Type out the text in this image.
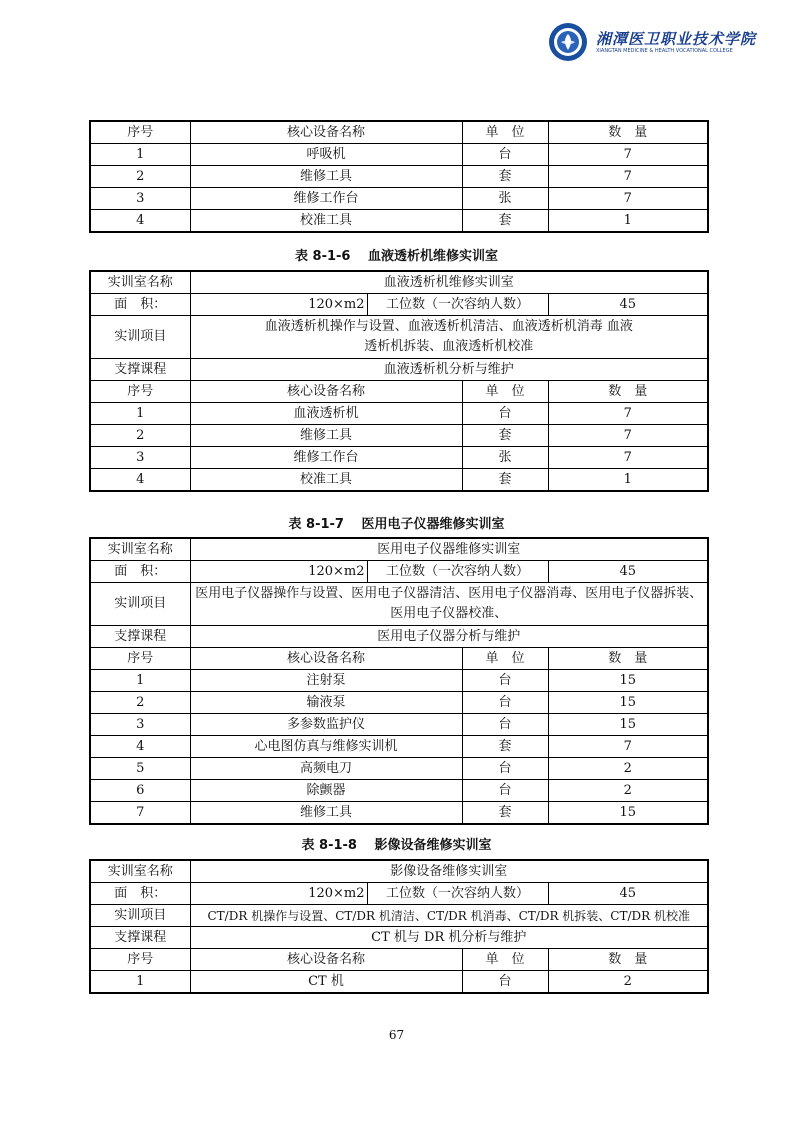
湘潭医卫职业技术学院
XIANGTAN MEDICINE & HEALTH VOCATIONAL COLLEGE
序号	核心设备名称	单　位	数　量
1	呼吸机	台	7
2	维修工具	套	7
3	维修工作台	张	7
4	校准工具	套	1
表 8-1-6　 血液透析机维修实训室
实训室名称	血液透析机维修实训室			
面　积：	120×m2	工位数（一次容纳人数）		45
实训项目	血液透析机操作与设置、血液透析机清洁、血液透析机消毒 血液透析机拆装、血液透析机校准			
支撑课程	血液透析机分析与维护			
序号	核心设备名称		单　位	数　量
1	血液透析机		台	7
2	维修工具		套	7
3	维修工作台		张	7
4	校准工具		套	1
表 8-1-7　 医用电子仪器维修实训室
实训室名称	医用电子仪器维修实训室			
面　积：	120×m2	工位数（一次容纳人数）		45
实训项目	医用电子仪器操作与设置、医用电子仪器清洁、医用电子仪器消毒、医用电子仪器拆装、医用电子仪器校准、			
支撑课程	医用电子仪器分析与维护			
序号	核心设备名称		单　位	数　量
1	注射泵		台	15
2	输液泵		台	15
3	多参数监护仪		台	15
4	心电图仿真与维修实训机		套	7
5	高频电刀		台	2
6	除颤器		台	2
7	维修工具		套	15
表 8-1-8　 影像设备维修实训室
实训室名称	影像设备维修实训室			
面　积：	120×m2	工位数（一次容纳人数）		45
实训项目	CT/DR 机操作与设置、CT/DR 机清洁、CT/DR 机消毒、CT/DR 机拆装、CT/DR 机校准			
支撑课程	CT 机与 DR 机分析与维护			
序号	核心设备名称		单　位	数　量
1	CT 机		台	2
67
